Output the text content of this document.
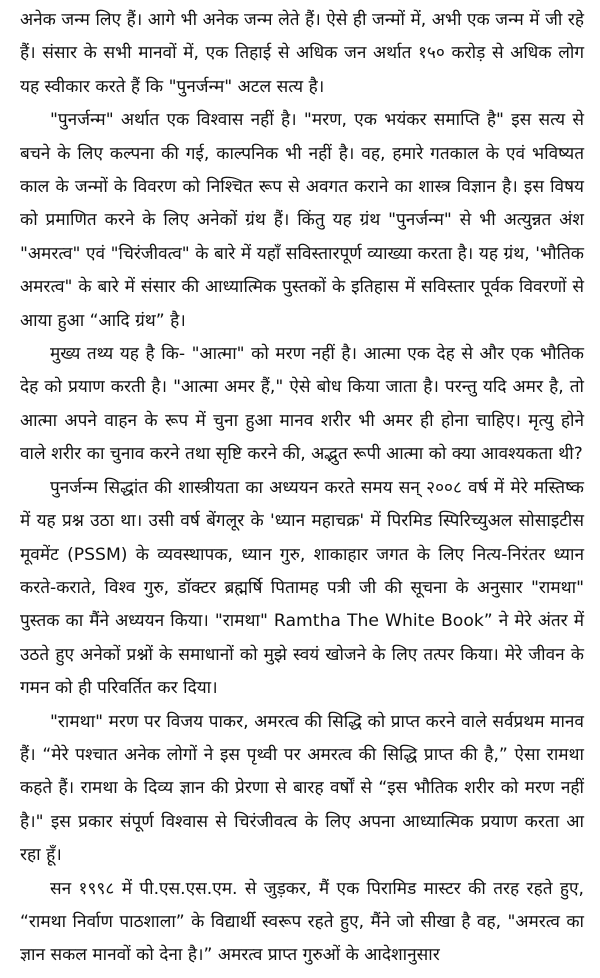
अनेक जन्म लिए हैं। आगे भी अनेक जन्म लेते हैं। ऐसे ही जन्मों में, अभी एक जन्म में जी रहे हैं। संसार के सभी मानवों में, एक तिहाई से अधिक जन अर्थात १५० करोड़ से अधिक लोग यह स्वीकार करते हैं कि "पुनर्जन्म" अटल सत्य है।

"पुनर्जन्म" अर्थात एक विश्वास नहीं है। "मरण, एक भयंकर समाप्ति है" इस सत्य से बचने के लिए कल्पना की गई, काल्पनिक भी नहीं है। वह, हमारे गतकाल के एवं भविष्यत काल के जन्मों के विवरण को निश्चित रूप से अवगत कराने का शास्त्र विज्ञान है। इस विषय को प्रमाणित करने के लिए अनेकों ग्रंथ हैं। किंतु यह ग्रंथ "पुनर्जन्म" से भी अत्युन्नत अंश "अमरत्व" एवं "चिरंजीवत्व" के बारे में यहाँ सविस्तारपूर्ण व्याख्या करता है। यह ग्रंथ, 'भौतिक अमरत्व" के बारे में संसार की आध्यात्मिक पुस्तकों के इतिहास में सविस्तार पूर्वक विवरणों से आया हुआ “आदि ग्रंथ” है।

मुख्य तथ्य यह है कि- "आत्मा" को मरण नहीं है। आत्मा एक देह से और एक भौतिक देह को प्रयाण करती है। "आत्मा अमर हैं," ऐसे बोध किया जाता है। परन्तु यदि अमर है, तो आत्मा अपने वाहन के रूप में चुना हुआ मानव शरीर भी अमर ही होना चाहिए। मृत्यु होने वाले शरीर का चुनाव करने तथा सृष्टि करने की, अद्भुत रूपी आत्मा को क्या आवश्यकता थी?

पुनर्जन्म सिद्धांत की शास्त्रीयता का अध्ययन करते समय सन् २००८ वर्ष में मेरे मस्तिष्क में यह प्रश्न उठा था। उसी वर्ष बेंगलूर के 'ध्यान महाचक्र' में पिरमिड स्पिरिच्युअल सोसाइटीस मूवमेंट (PSSM) के व्यवस्थापक, ध्यान गुरु, शाकाहार जगत के लिए नित्य-निरंतर ध्यान करते-कराते, विश्व गुरु, डॉक्टर ब्रह्मर्षि पितामह पत्री जी की सूचना के अनुसार "रामथा" पुस्तक का मैंने अध्ययन किया। "रामथा" Ramtha The White Book” ने मेरे अंतर में उठते हुए अनेकों प्रश्नों के समाधानों को मुझे स्वयं खोजने के लिए तत्पर किया। मेरे जीवन के गमन को ही परिवर्तित कर दिया।

"रामथा" मरण पर विजय पाकर, अमरत्व की सिद्धि को प्राप्त करने वाले सर्वप्रथम मानव हैं। “मेरे पश्चात अनेक लोगों ने इस पृथ्वी पर अमरत्व की सिद्धि प्राप्त की है,” ऐसा रामथा कहते हैं। रामथा के दिव्य ज्ञान की प्रेरणा से बारह वर्षों से “इस भौतिक शरीर को मरण नहीं है।" इस प्रकार संपूर्ण विश्वास से चिरंजीवत्व के लिए अपना आध्यात्मिक प्रयाण करता आ रहा हूँ।

सन १९९८ में पी.एस.एस.एम. से जुड़कर, मैं एक पिरामिड मास्टर की तरह रहते हुए, “रामथा निर्वाण पाठशाला” के विद्यार्थी स्वरूप रहते हुए, मैंने जो सीखा है वह, "अमरत्व का ज्ञान सकल मानवों को देना है।” अमरत्व प्राप्त गुरुओं के आदेशानुसार
